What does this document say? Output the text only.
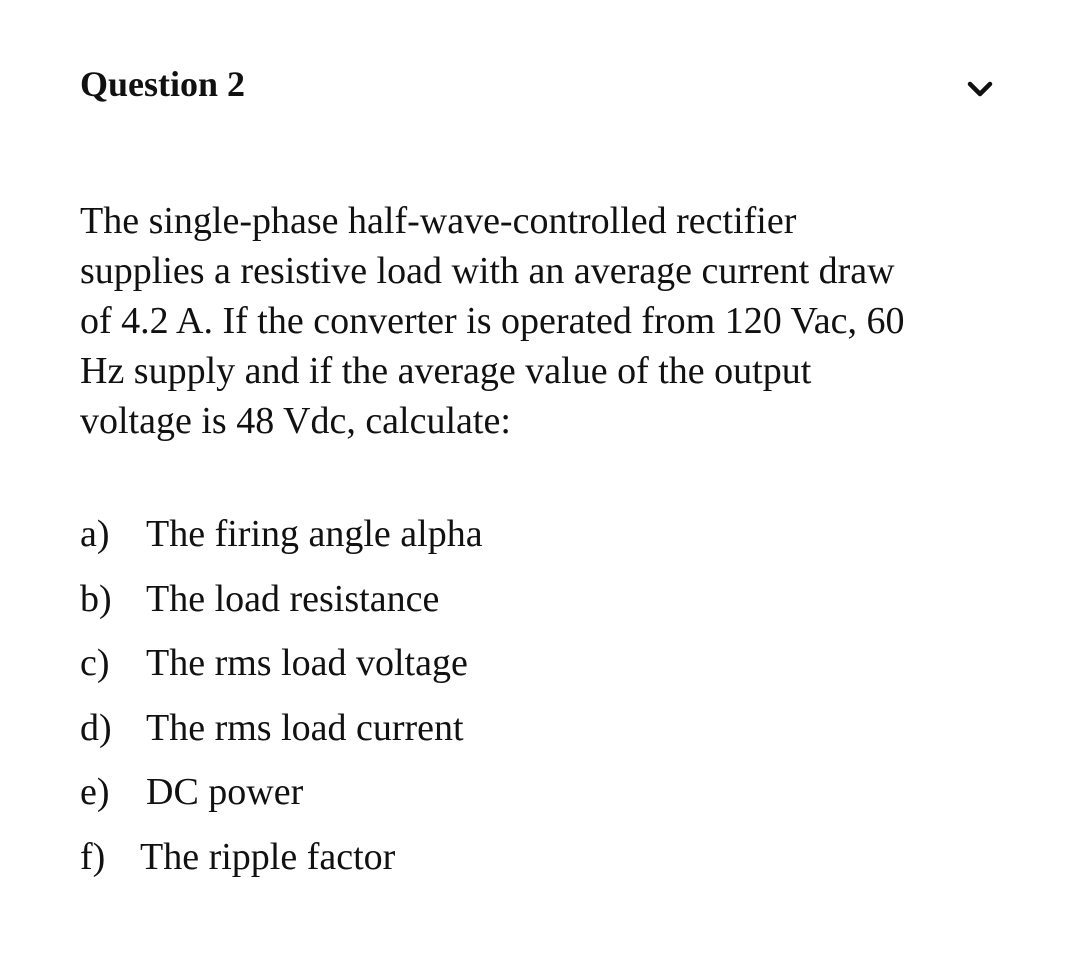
Question 2

The single-phase half-wave-controlled rectifier
supplies a resistive load with an average current draw
of 4.2 A. If the converter is operated from 120 Vac, 60
Hz supply and if the average value of the output
voltage is 48 Vdc, calculate:

a) The firing angle alpha
b) The load resistance
c) The rms load voltage
d) The rms load current
e) DC power
f) The ripple factor
